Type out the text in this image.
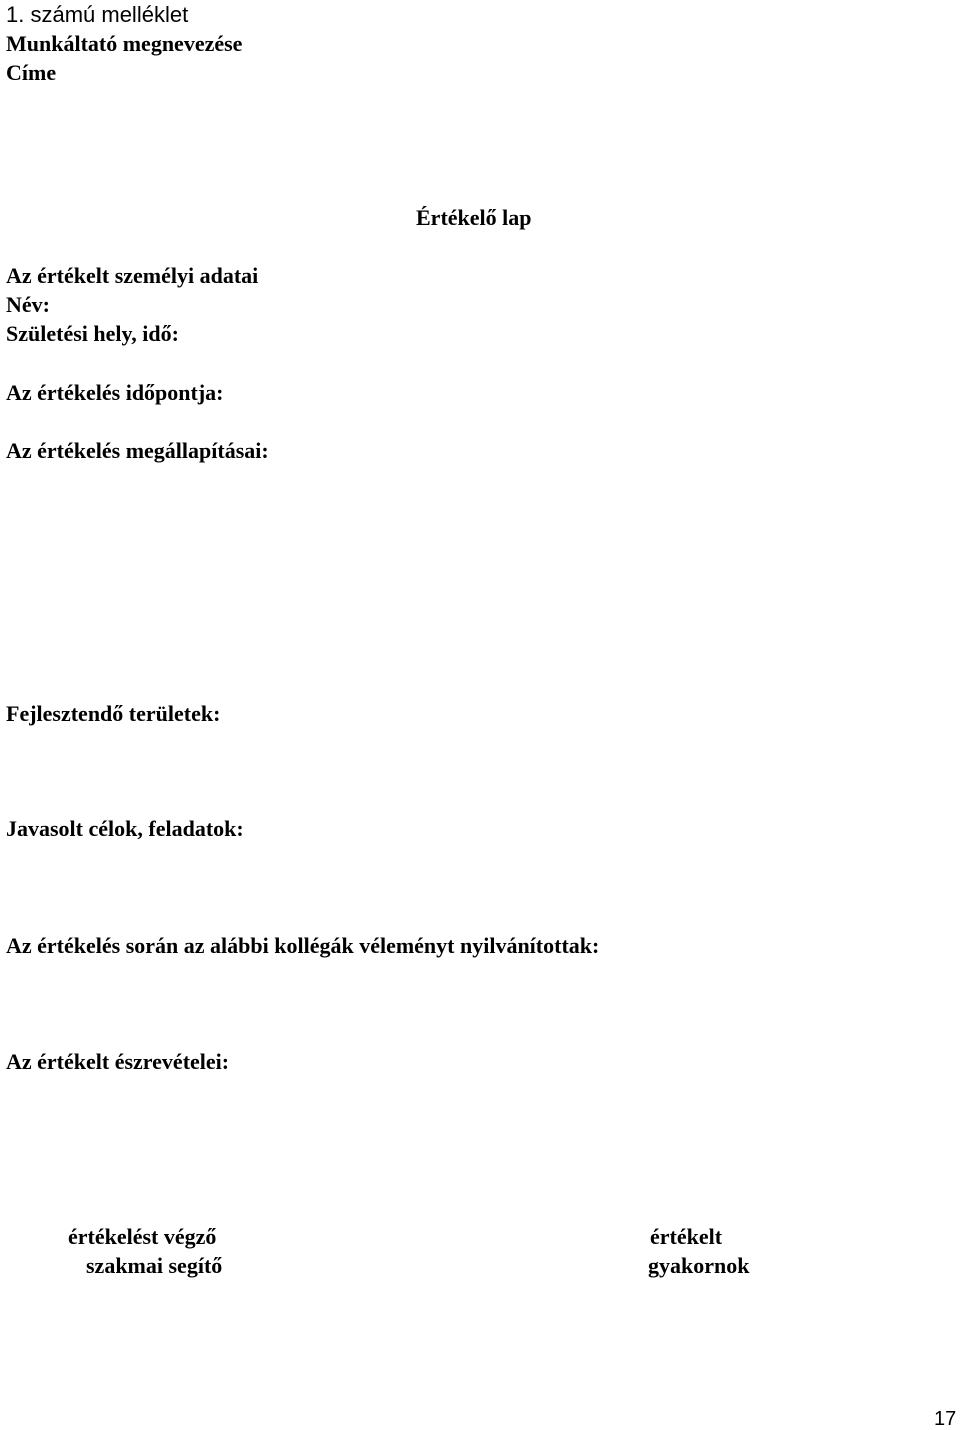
1. számú melléklet
Munkáltató megnevezése
Címe
Értékelő lap
Az értékelt személyi adatai
Név:
Születési hely, idő:
Az értékelés időpontja:
Az értékelés megállapításai:
Fejlesztendő területek:
Javasolt célok, feladatok:
Az értékelés során az alábbi kollégák véleményt nyilvánítottak:
Az értékelt észrevételei:
értékelést végző
szakmai segítő
értékelt
gyakornok
17
